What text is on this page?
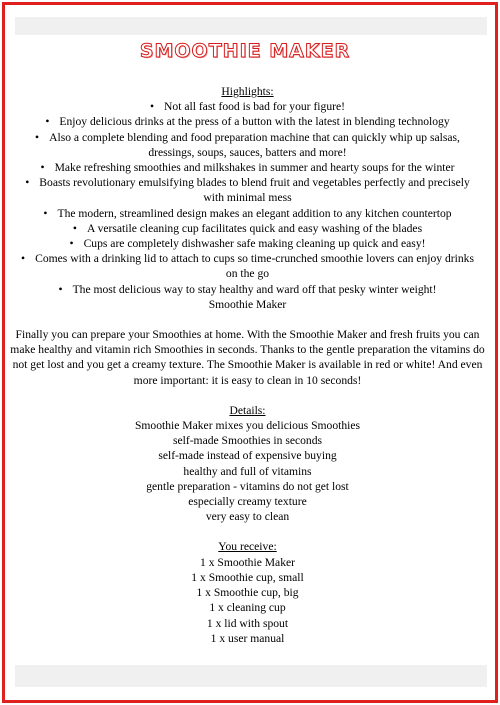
SMOOTHIE MAKER
Highlights:
• Not all fast food is bad for your figure!
• Enjoy delicious drinks at the press of a button with the latest in blending technology
• Also a complete blending and food preparation machine that can quickly whip up salsas, dressings, soups, sauces, batters and more!
• Make refreshing smoothies and milkshakes in summer and hearty soups for the winter
• Boasts revolutionary emulsifying blades to blend fruit and vegetables perfectly and precisely with minimal mess
• The modern, streamlined design makes an elegant addition to any kitchen countertop
• A versatile cleaning cup facilitates quick and easy washing of the blades
• Cups are completely dishwasher safe making cleaning up quick and easy!
• Comes with a drinking lid to attach to cups so time-crunched smoothie lovers can enjoy drinks on the go
• The most delicious way to stay healthy and ward off that pesky winter weight!
Smoothie Maker
Finally you can prepare your Smoothies at home. With the Smoothie Maker and fresh fruits you can make healthy and vitamin rich Smoothies in seconds. Thanks to the gentle preparation the vitamins do not get lost and you get a creamy texture. The Smoothie Maker is available in red or white! And even more important: it is easy to clean in 10 seconds!
Details:
Smoothie Maker mixes you delicious Smoothies
self-made Smoothies in seconds
self-made instead of expensive buying
healthy and full of vitamins
gentle preparation - vitamins do not get lost
especially creamy texture
very easy to clean
You receive:
1 x Smoothie Maker
1 x Smoothie cup, small
1 x Smoothie cup, big
1 x cleaning cup
1 x lid with spout
1 x user manual
